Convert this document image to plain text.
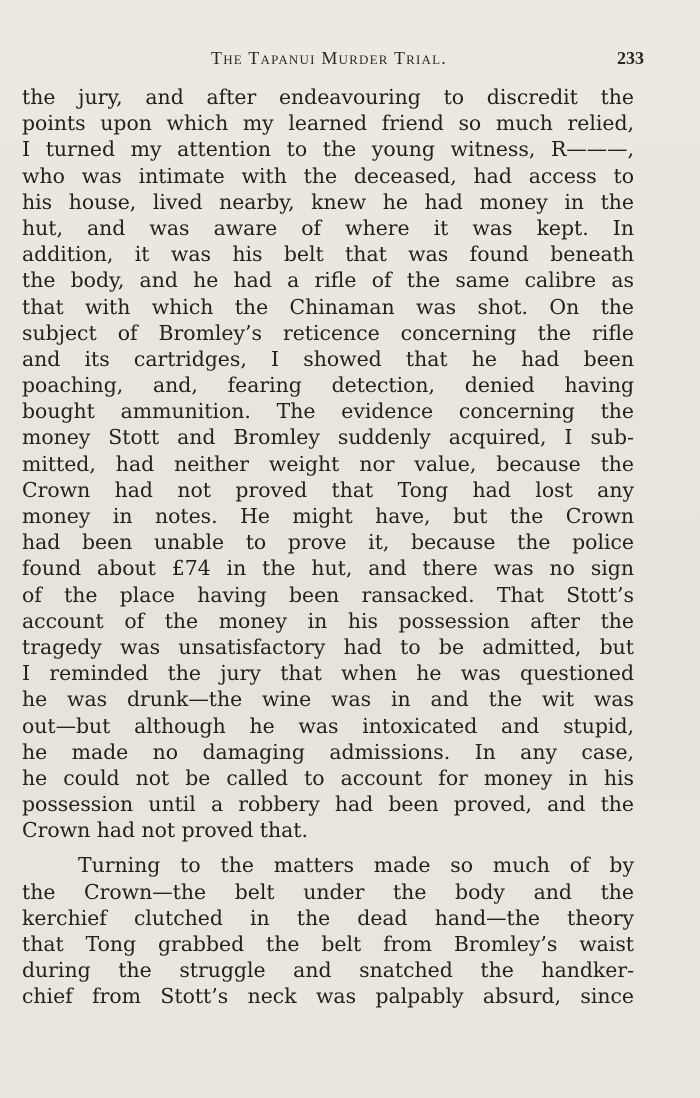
The Tapanui Murder Trial.	233
the jury, and after endeavouring to discredit the
points upon which my learned friend so much relied,
I turned my attention to the young witness, R———,
who was intimate with the deceased, had access to
his house, lived nearby, knew he had money in the
hut, and was aware of where it was kept. In
addition, it was his belt that was found beneath
the body, and he had a rifle of the same calibre as
that with which the Chinaman was shot. On the
subject of Bromley’s reticence concerning the rifle
and its cartridges, I showed that he had been
poaching, and, fearing detection, denied having
bought ammunition. The evidence concerning the
money Stott and Bromley suddenly acquired, I sub-
mitted, had neither weight nor value, because the
Crown had not proved that Tong had lost any
money in notes. He might have, but the Crown
had been unable to prove it, because the police
found about £74 in the hut, and there was no sign
of the place having been ransacked. That Stott’s
account of the money in his possession after the
tragedy was unsatisfactory had to be admitted, but
I reminded the jury that when he was questioned
he was drunk—the wine was in and the wit was
out—but although he was intoxicated and stupid,
he made no damaging admissions. In any case,
he could not be called to account for money in his
possession until a robbery had been proved, and the
Crown had not proved that.
Turning to the matters made so much of by
the Crown—the belt under the body and the
kerchief clutched in the dead hand—the theory
that Tong grabbed the belt from Bromley’s waist
during the struggle and snatched the handker-
chief from Stott’s neck was palpably absurd, since
